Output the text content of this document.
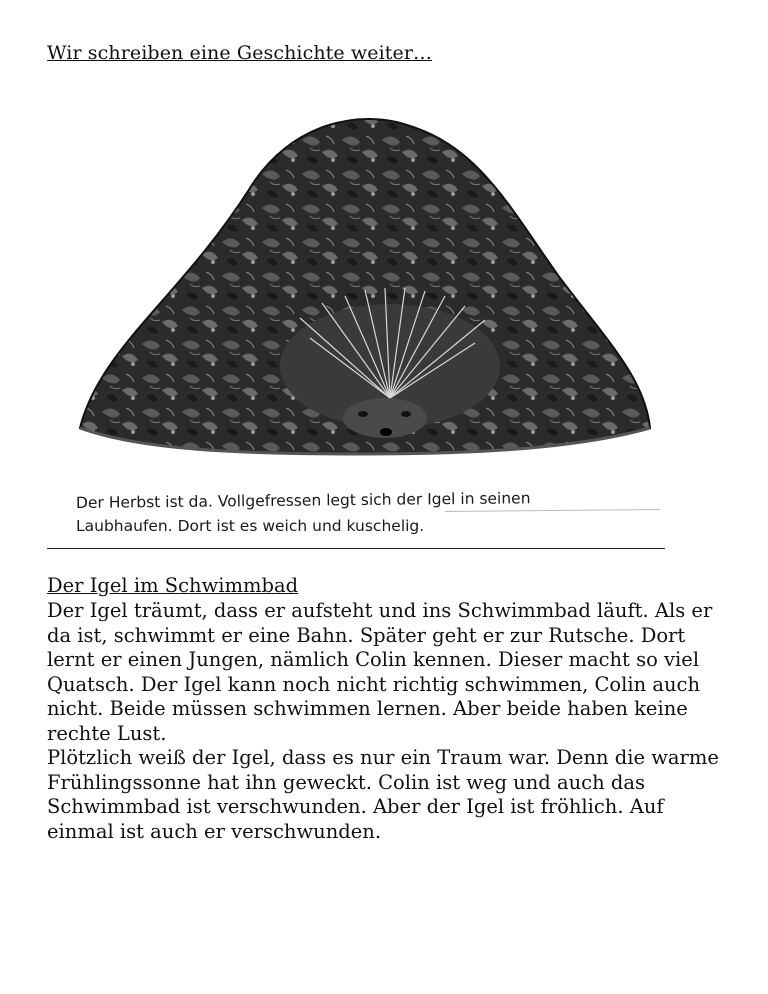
Wir schreiben eine Geschichte weiter…
Der Herbst ist da. Vollgefressen legt sich der Igel in seinen
Laubhaufen. Dort ist es weich und kuschelig.
Der Igel im Schwimmbad

Der Igel träumt, dass er aufsteht und ins Schwimmbad läuft. Als er da ist, schwimmt er eine Bahn. Später geht er zur Rutsche. Dort lernt er einen Jungen, nämlich Colin kennen. Dieser macht so viel Quatsch. Der Igel kann noch nicht richtig schwimmen, Colin auch nicht. Beide müssen schwimmen lernen. Aber beide haben keine rechte Lust.

Plötzlich weiß der Igel, dass es nur ein Traum war. Denn die warme Frühlingssonne hat ihn geweckt. Colin ist weg und auch das Schwimmbad ist verschwunden. Aber der Igel ist fröhlich. Auf einmal ist auch er verschwunden.
